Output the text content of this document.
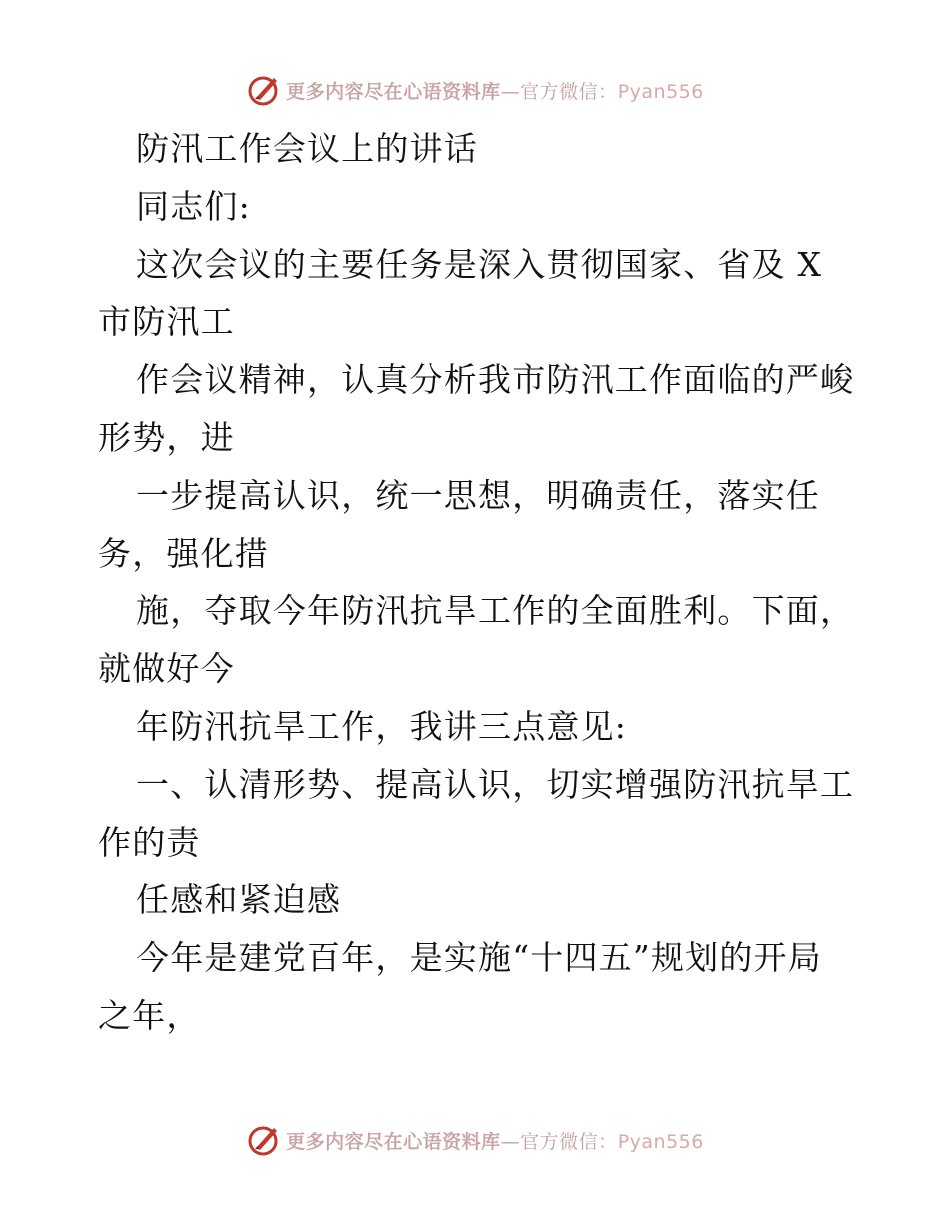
更多内容尽在心语资料库—官方微信：Pyan556
防汛工作会议上的讲话
同志们:
这次会议的主要任务是深入贯彻国家、省及 X
市防汛工
作会议精神，认真分析我市防汛工作面临的严峻
形势，进
一步提高认识，统一思想，明确责任，落实任
务，强化措
施，夺取今年防汛抗旱工作的全面胜利。下面，
就做好今
年防汛抗旱工作，我讲三点意见:
一、认清形势、提高认识，切实增强防汛抗旱工
作的责
任感和紧迫感
今年是建党百年，是实施“十四五”规划的开局
之年，
更多内容尽在心语资料库—官方微信：Pyan556
